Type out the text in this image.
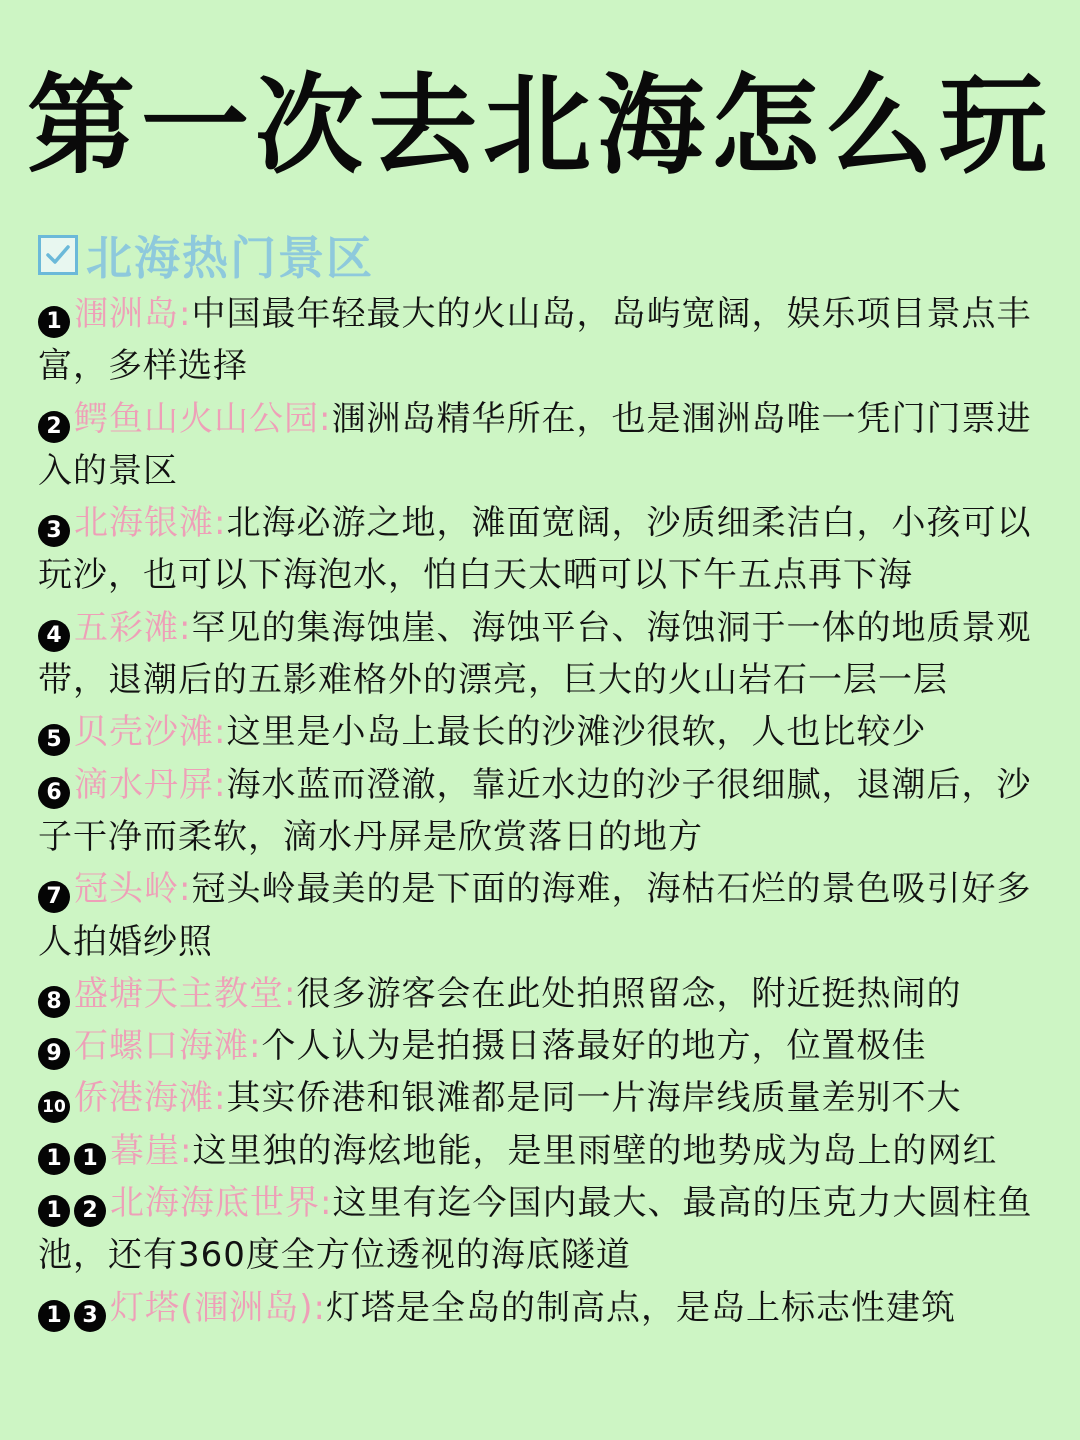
第一次去北海怎么玩
北海热门景区
1 涠洲岛:中国最年轻最大的火山岛，岛屿宽阔，娱乐项目景点丰富，多样选择
2 鳄鱼山火山公园:涠洲岛精华所在，也是涠洲岛唯一凭门门票进入的景区
3 北海银滩:北海必游之地，滩面宽阔，沙质细柔洁白，小孩可以玩沙，也可以下海泡水，怕白天太晒可以下午五点再下海
4 五彩滩:罕见的集海蚀崖、海蚀平台、海蚀洞于一体的地质景观带，退潮后的五影难格外的漂亮，巨大的火山岩石一层一层
5 贝壳沙滩:这里是小岛上最长的沙滩沙很软，人也比较少
6 滴水丹屏:海水蓝而澄澈，靠近水边的沙子很细腻，退潮后，沙子干净而柔软，滴水丹屏是欣赏落日的地方
7 冠头岭:冠头岭最美的是下面的海难，海枯石烂的景色吸引好多人拍婚纱照
8 盛塘天主教堂:很多游客会在此处拍照留念，附近挺热闹的
9 石螺口海滩:个人认为是拍摄日落最好的地方，位置极佳
10 侨港海滩:其实侨港和银滩都是同一片海岸线质量差别不大
1 1 暮崖:这里独的海炫地能，是里雨壁的地势成为岛上的网红
1 2 北海海底世界:这里有迄今国内最大、最高的压克力大圆柱鱼池，还有360度全方位透视的海底隧道
1 3 灯塔(涠洲岛):灯塔是全岛的制高点，是岛上标志性建筑
